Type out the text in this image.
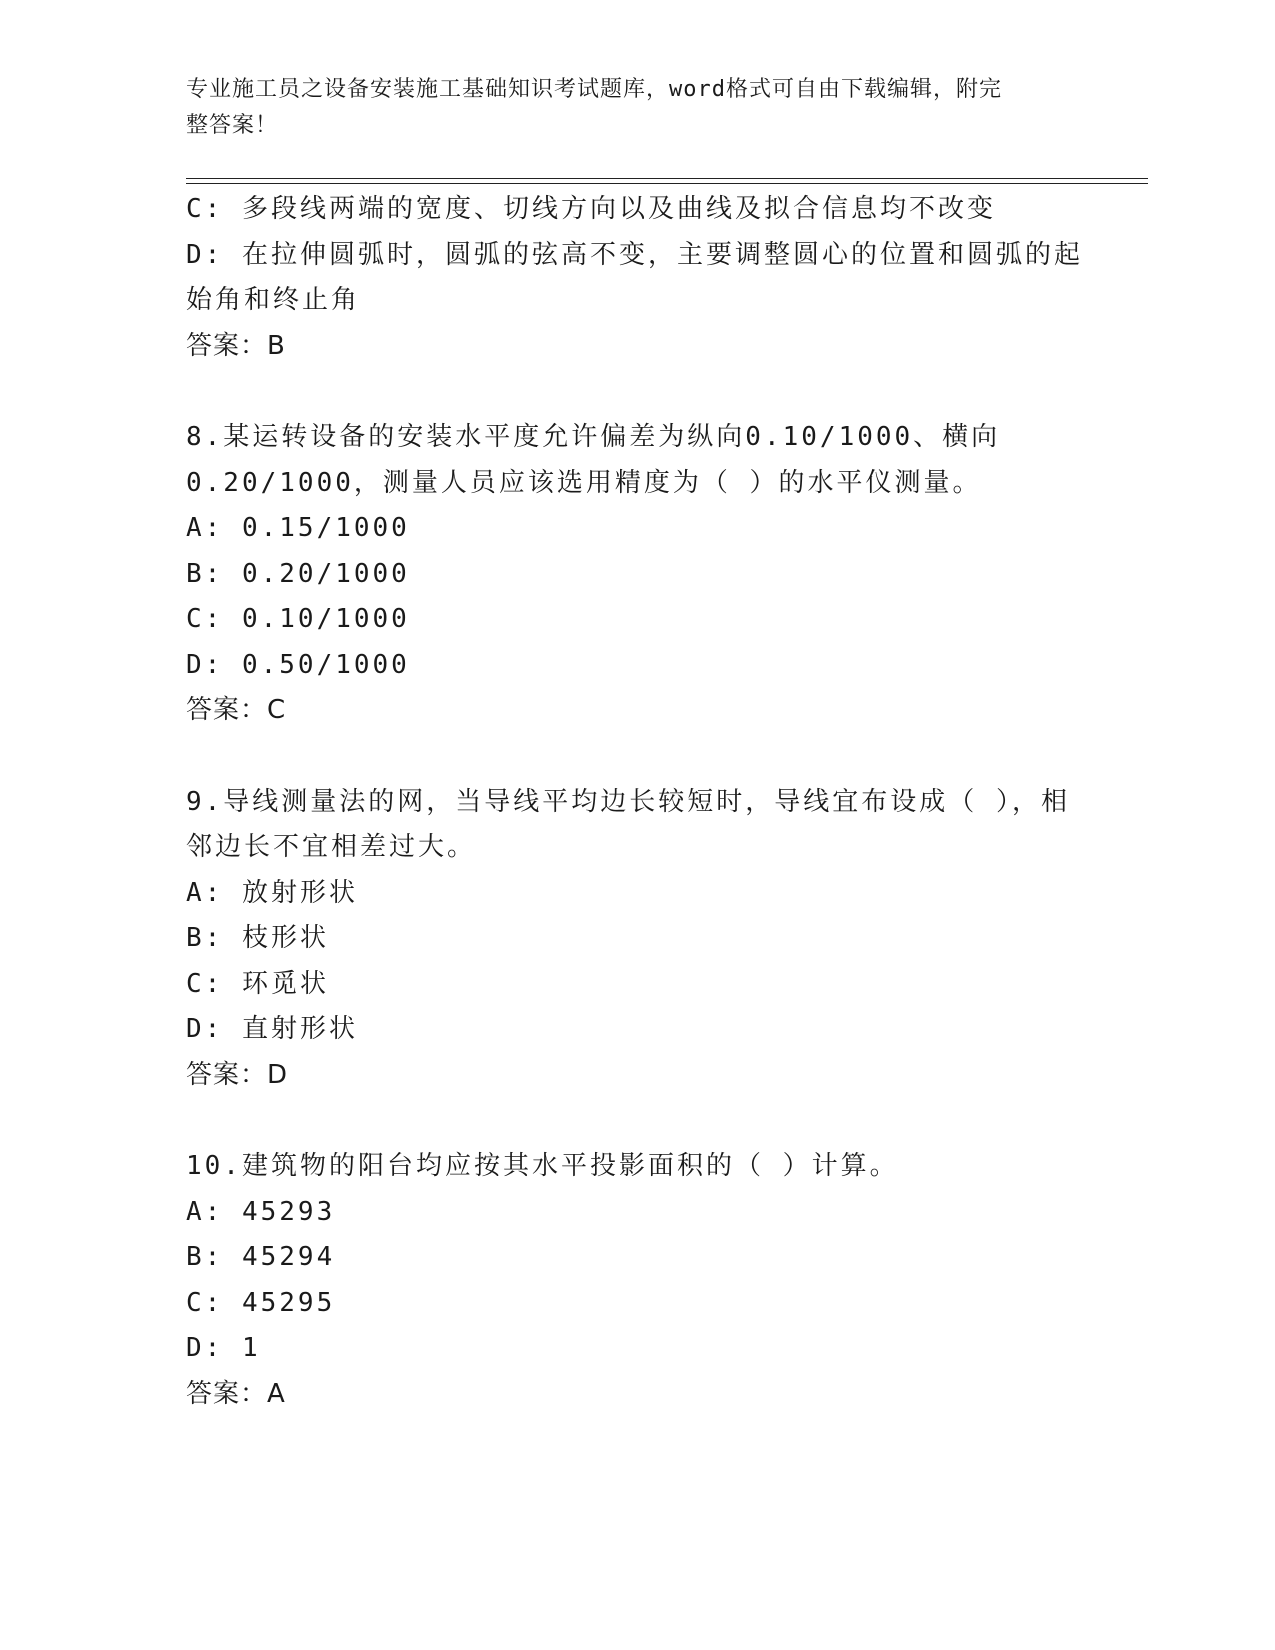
专业施工员之设备安装施工基础知识考试题库，word格式可自由下载编辑，附完
整答案！
C: 多段线两端的宽度、切线方向以及曲线及拟合信息均不改变
D: 在拉伸圆弧时，圆弧的弦高不变，主要调整圆心的位置和圆弧的起
始角和终止角
答案：B
8.某运转设备的安装水平度允许偏差为纵向0.10/1000、横向
0.20/1000，测量人员应该选用精度为（ ）的水平仪测量。
A: 0.15/1000
B: 0.20/1000
C: 0.10/1000
D: 0.50/1000
答案：C
9.导线测量法的网，当导线平均边长较短时，导线宜布设成（ ），相
邻边长不宜相差过大。
A: 放射形状
B: 枝形状
C: 环觅状
D: 直射形状
答案：D
10.建筑物的阳台均应按其水平投影面积的（ ）计算。
A: 45293
B: 45294
C: 45295
D: 1
答案：A
